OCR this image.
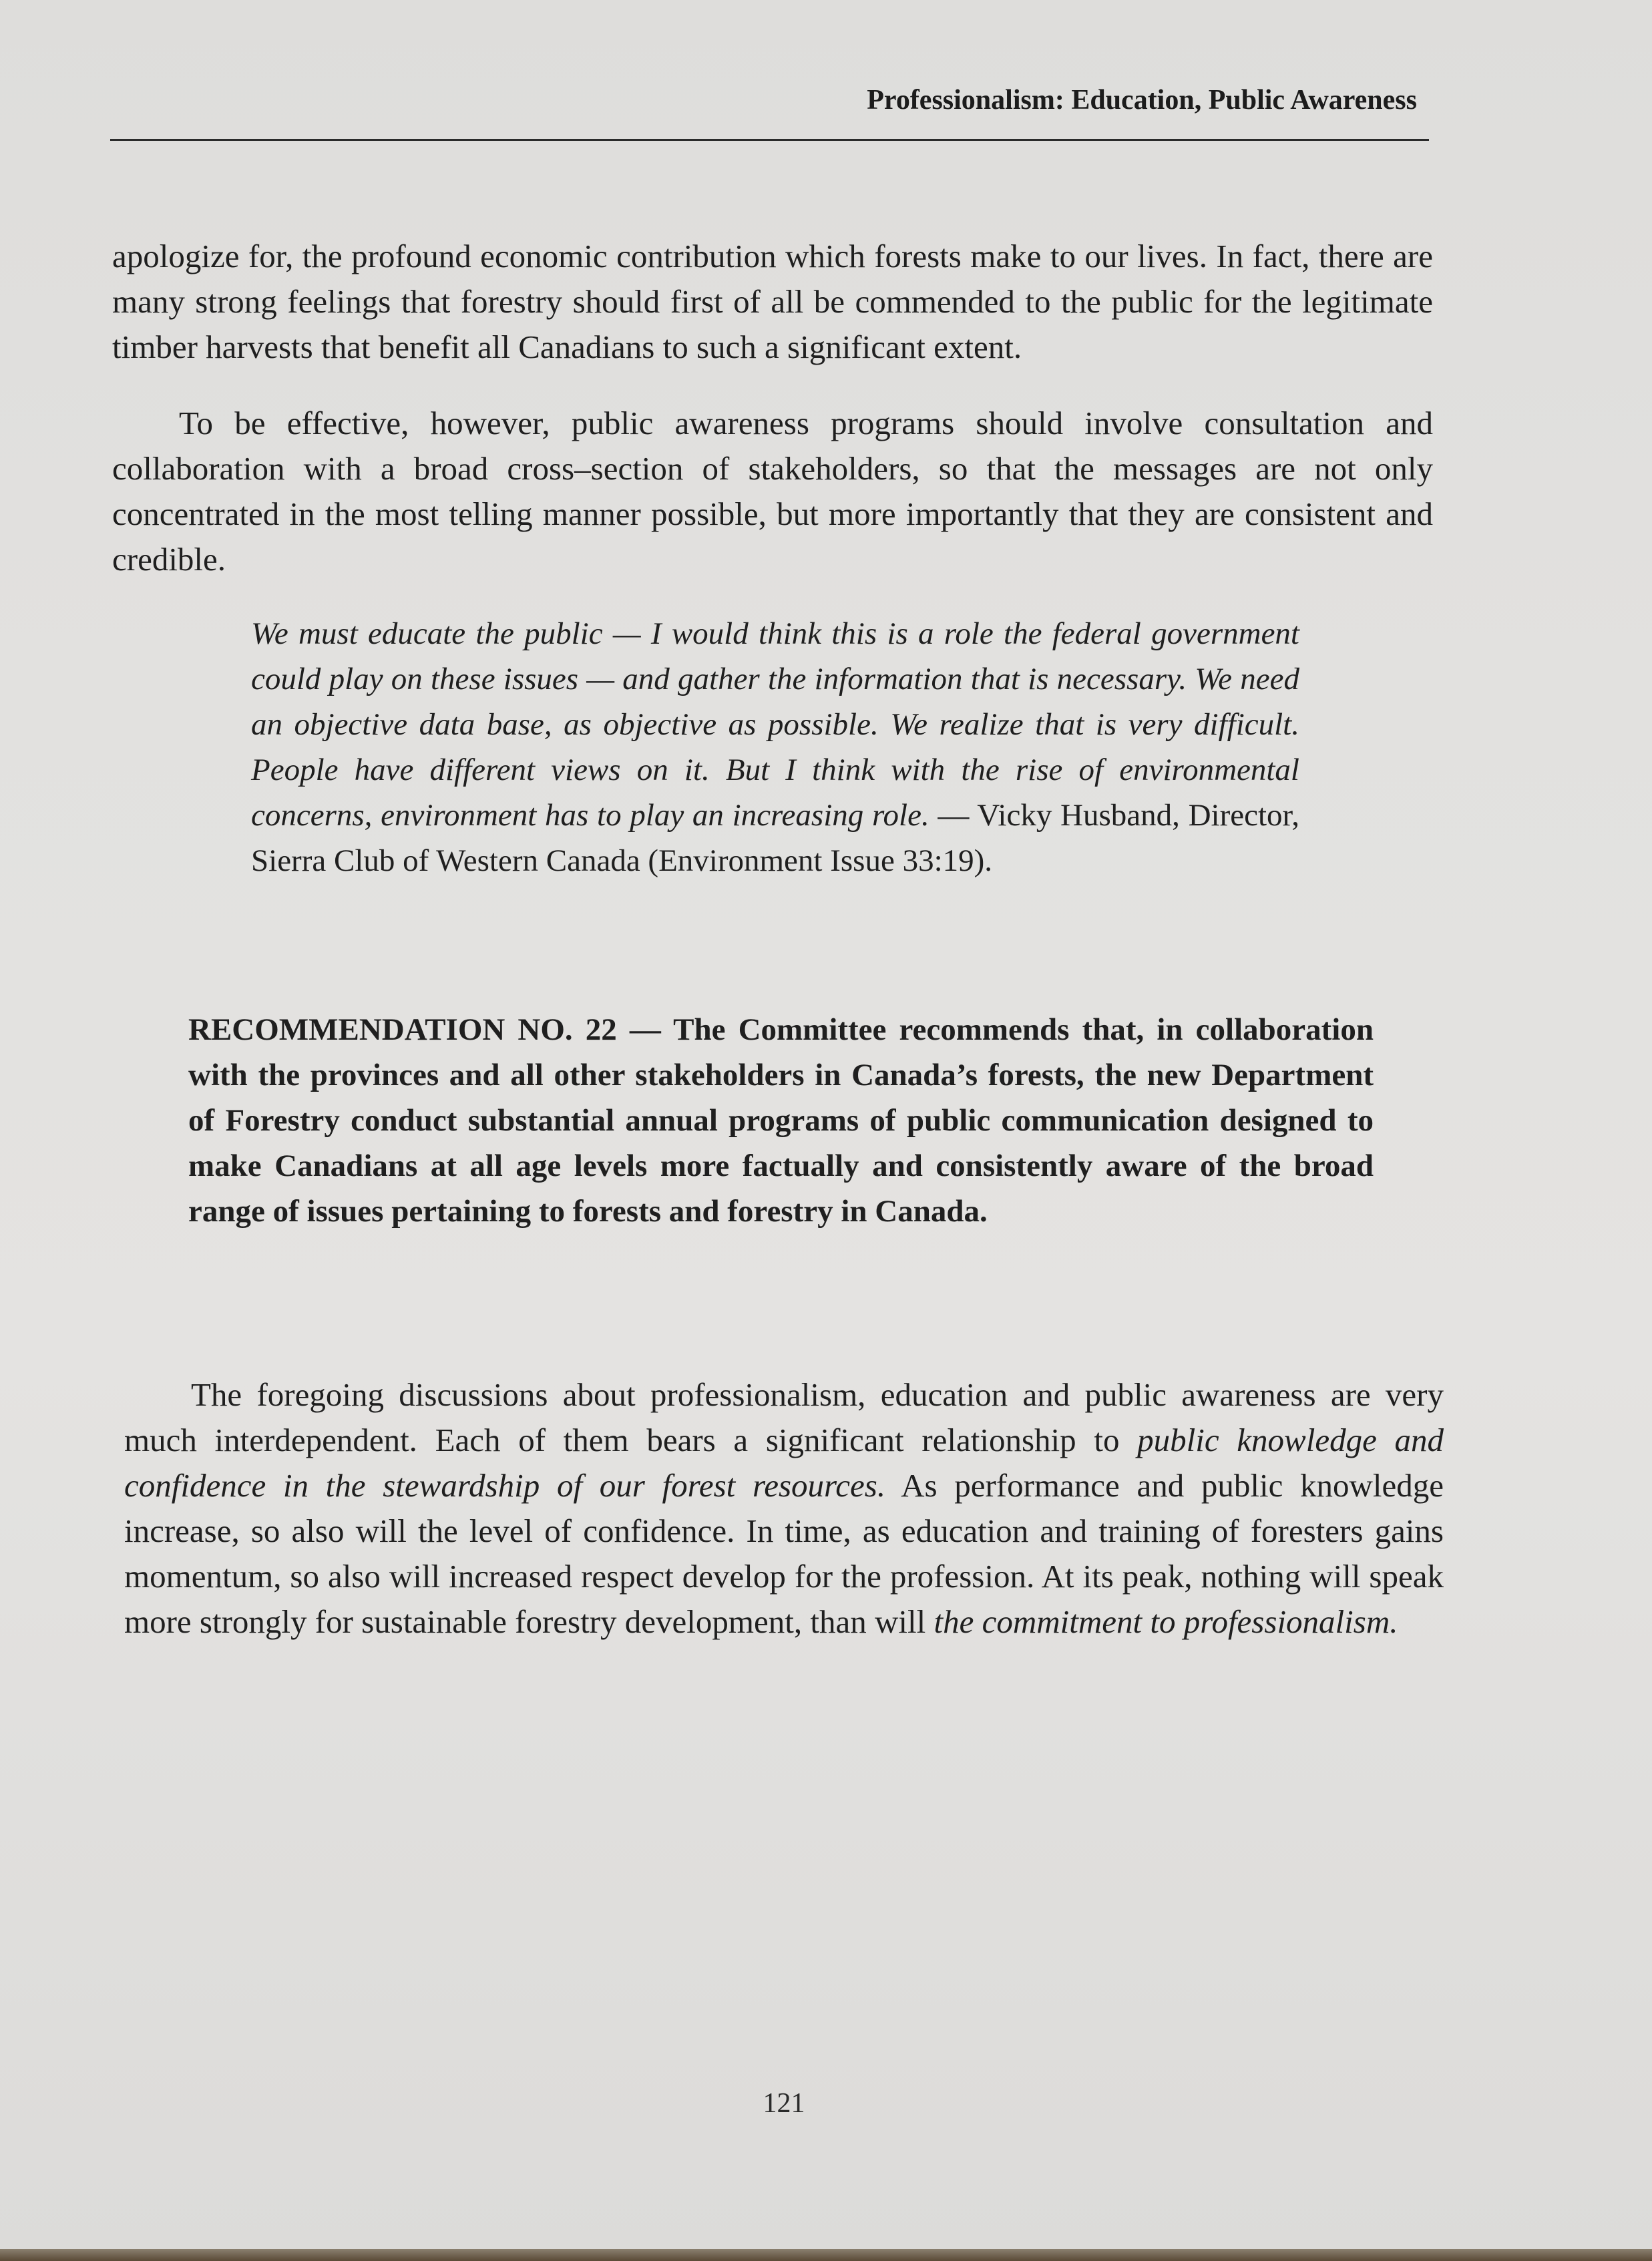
Professionalism: Education, Public Awareness

apologize for, the profound economic contribution which forests make to our lives. In fact, there are many strong feelings that forestry should first of all be commended to the public for the legitimate timber harvests that benefit all Canadians to such a significant extent.

To be effective, however, public awareness programs should involve consultation and collaboration with a broad cross–section of stakeholders, so that the messages are not only concentrated in the most telling manner possible, but more importantly that they are consistent and credible.

We must educate the public — I would think this is a role the federal government could play on these issues — and gather the information that is necessary. We need an objective data base, as objective as possible. We realize that is very difficult. People have different views on it. But I think with the rise of environmental concerns, environment has to play an increasing role. — Vicky Husband, Director, Sierra Club of Western Canada (Environment Issue 33:19).

RECOMMENDATION NO. 22 — The Committee recommends that, in collaboration with the provinces and all other stakeholders in Canada’s forests, the new Department of Forestry conduct substantial annual programs of public communication designed to make Canadians at all age levels more factually and consistently aware of the broad range of issues pertaining to forests and forestry in Canada.

The foregoing discussions about professionalism, education and public awareness are very much interdependent. Each of them bears a significant relationship to public knowledge and confidence in the stewardship of our forest resources. As performance and public knowledge increase, so also will the level of confidence. In time, as education and training of foresters gains momentum, so also will increased respect develop for the profession. At its peak, nothing will speak more strongly for sustainable forestry development, than will the commitment to professionalism.

121
